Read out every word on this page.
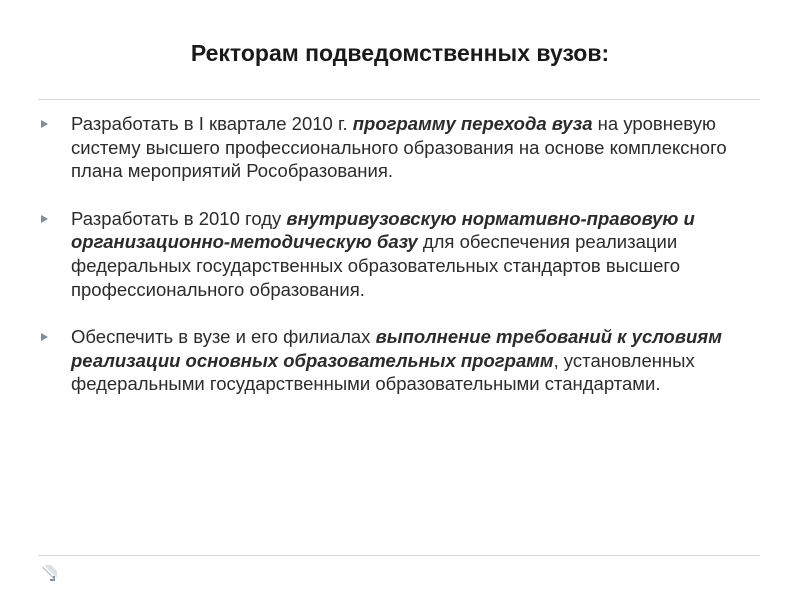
Ректорам подведомственных вузов:
Разработать в I квартале 2010 г. программу перехода вуза на уровневую систему высшего профессионального образования на основе комплексного плана мероприятий Рособразования.
Разработать в 2010 году внутривузовскую нормативно-правовую и организационно-методическую базу для обеспечения реализации федеральных государственных образовательных стандартов высшего профессионального образования.
Обеспечить в вузе и его филиалах выполнение требований к условиям реализации основных образовательных программ, установленных федеральными государственными образовательными стандартами.
